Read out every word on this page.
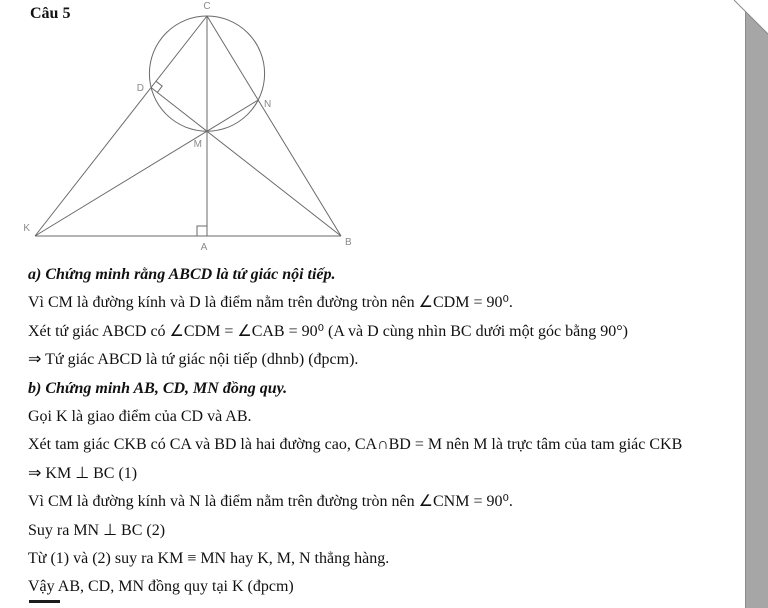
Câu 5	C
D
N
M
K
A	B

a) Chứng minh rằng ABCD là tứ giác nội tiếp.

Vì CM là đường kính và D là điểm nằm trên đường tròn nên ∠CDM = 90⁰.

Xét tứ giác ABCD có ∠CDM = ∠CAB = 90⁰ (A và D cùng nhìn BC dưới một góc bằng 90°)

⇒ Tứ giác ABCD là tứ giác nội tiếp (dhnb) (đpcm).

b) Chứng minh AB, CD, MN đồng quy.

Gọi K là giao điểm của CD và AB.

Xét tam giác CKB có CA và BD là hai đường cao, CA∩BD = M nên M là trực tâm của tam giác CKB

⇒ KM ⊥ BC (1)

Vì CM là đường kính và N là điểm nằm trên đường tròn nên ∠CNM = 90⁰.

Suy ra MN ⊥ BC (2)

Từ (1) và (2) suy ra KM ≡ MN hay K, M, N thẳng hàng.

Vậy AB, CD, MN đồng quy tại K (đpcm)
